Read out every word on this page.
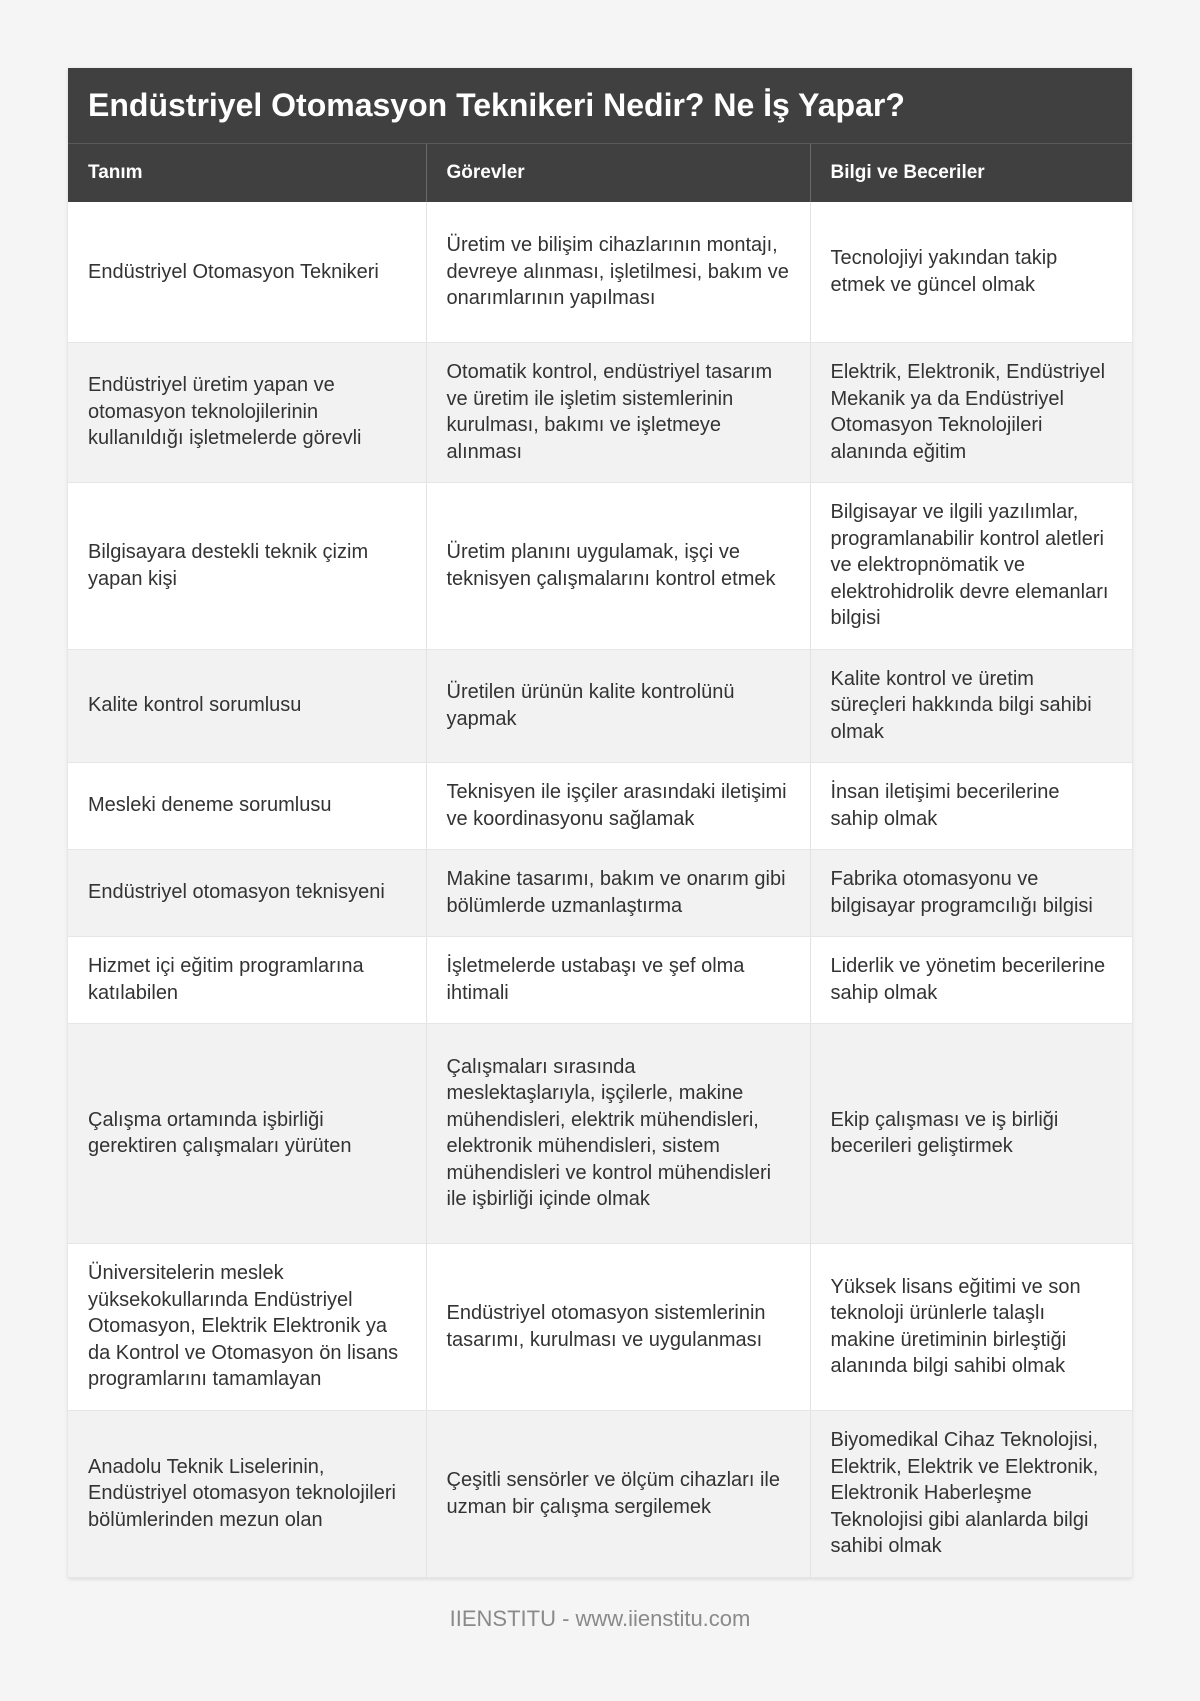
Endüstriyel Otomasyon Teknikeri Nedir? Ne İş Yapar?
Tanım	Görevler	Bilgi ve Beceriler
Endüstriyel Otomasyon Teknikeri	Üretim ve bilişim cihazlarının montajı, devreye alınması, işletilmesi, bakım ve onarımlarının yapılması	Tecnolojiyi yakından takip etmek ve güncel olmak
Endüstriyel üretim yapan ve otomasyon teknolojilerinin kullanıldığı işletmelerde görevli	Otomatik kontrol, endüstriyel tasarım ve üretim ile işletim sistemlerinin kurulması, bakımı ve işletmeye alınması	Elektrik, Elektronik, Endüstriyel Mekanik ya da Endüstriyel Otomasyon Teknolojileri alanında eğitim
Bilgisayara destekli teknik çizim yapan kişi	Üretim planını uygulamak, işçi ve teknisyen çalışmalarını kontrol etmek	Bilgisayar ve ilgili yazılımlar, programlanabilir kontrol aletleri ve elektropnömatik ve elektrohidrolik devre elemanları bilgisi
Kalite kontrol sorumlusu	Üretilen ürünün kalite kontrolünü yapmak	Kalite kontrol ve üretim süreçleri hakkında bilgi sahibi olmak
Mesleki deneme sorumlusu	Teknisyen ile işçiler arasındaki iletişimi ve koordinasyonu sağlamak	İnsan iletişimi becerilerine sahip olmak
Endüstriyel otomasyon teknisyeni	Makine tasarımı, bakım ve onarım gibi bölümlerde uzmanlaştırma	Fabrika otomasyonu ve bilgisayar programcılığı bilgisi
Hizmet içi eğitim programlarına katılabilen	İşletmelerde ustabaşı ve şef olma ihtimali	Liderlik ve yönetim becerilerine sahip olmak
Çalışma ortamında işbirliği gerektiren çalışmaları yürüten	Çalışmaları sırasında meslektaşlarıyla, işçilerle, makine mühendisleri, elektrik mühendisleri, elektronik mühendisleri, sistem mühendisleri ve kontrol mühendisleri ile işbirliği içinde olmak	Ekip çalışması ve iş birliği becerileri geliştirmek
Üniversitelerin meslek yüksekokullarında Endüstriyel Otomasyon, Elektrik Elektronik ya da Kontrol ve Otomasyon ön lisans programlarını tamamlayan	Endüstriyel otomasyon sistemlerinin tasarımı, kurulması ve uygulanması	Yüksek lisans eğitimi ve son teknoloji ürünlerle talaşlı makine üretiminin birleştiği alanında bilgi sahibi olmak
Anadolu Teknik Liselerinin, Endüstriyel otomasyon teknolojileri bölümlerinden mezun olan	Çeşitli sensörler ve ölçüm cihazları ile uzman bir çalışma sergilemek	Biyomedikal Cihaz Teknolojisi, Elektrik, Elektrik ve Elektronik, Elektronik Haberleşme Teknolojisi gibi alanlarda bilgi sahibi olmak
IIENSTITU - www.iienstitu.com
